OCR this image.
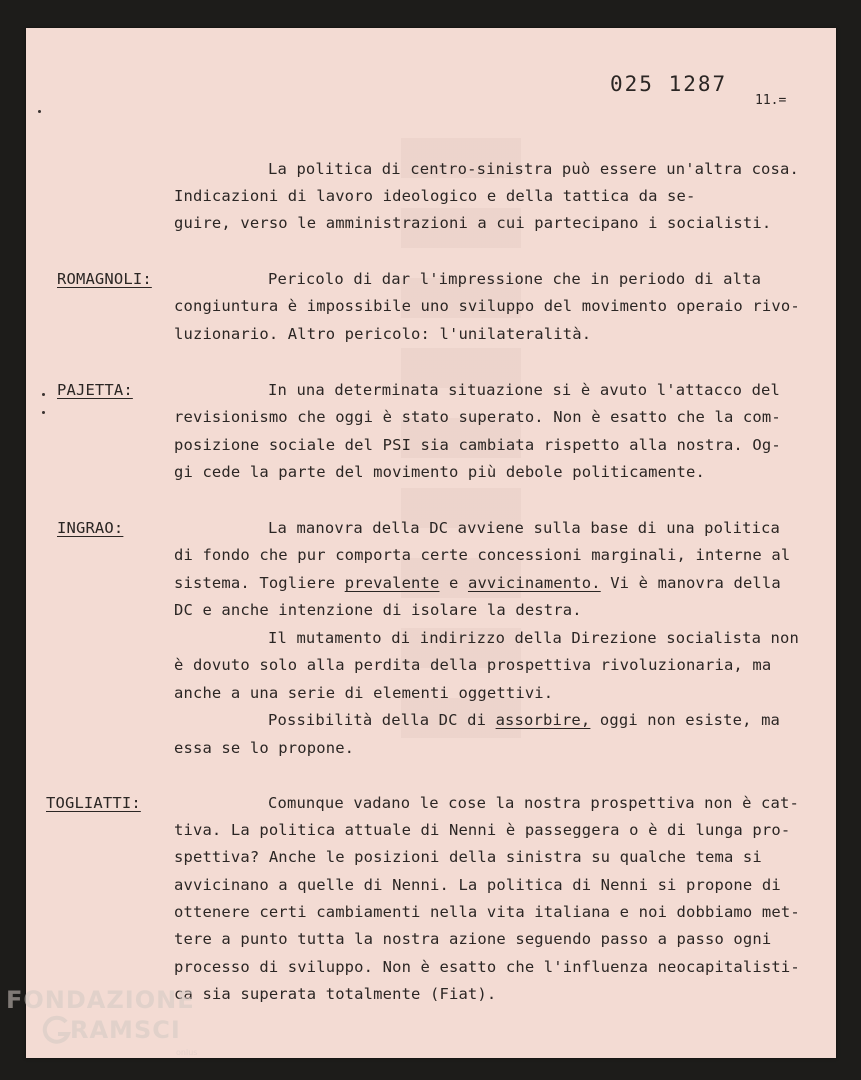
025 1287
11.=
La politica di centro-sinistra può essere un'altra cosa.
Indicazioni di lavoro ideologico e della tattica da se-
guire, verso le amministrazioni a cui partecipano i socialisti.
ROMAGNOLI:	Pericolo di dar l'impressione che in periodo di alta
congiuntura è impossibile uno sviluppo del movimento operaio rivo-
luzionario. Altro pericolo: l'unilateralità.
PAJETTA:	In una determinata situazione si è avuto l'attacco del
revisionismo che oggi è stato superato. Non è esatto che la com-
posizione sociale del PSI sia cambiata rispetto alla nostra. Og-
gi cede la parte del movimento più debole politicamente.
INGRAO:	La manovra della DC avviene sulla base di una politica
di fondo che pur comporta certe concessioni marginali, interne al
sistema. Togliere prevalente e avvicinamento. Vi è manovra della
DC e anche intenzione di isolare la destra.
Il mutamento di indirizzo della Direzione socialista non
è dovuto solo alla perdita della prospettiva rivoluzionaria, ma
anche a una serie di elementi oggettivi.
Possibilità della DC di assorbire, oggi non esiste, ma
essa se lo propone.
TOGLIATTI:	Comunque vadano le cose la nostra prospettiva non è cat-
tiva. La politica attuale di Nenni è passeggera o è di lunga pro-
spettiva? Anche le posizioni della sinistra su qualche tema si
avvicinano a quelle di Nenni. La politica di Nenni si propone di
ottenere certi cambiamenti nella vita italiana e noi dobbiamo met-
tere a punto tutta la nostra azione seguendo passo a passo ogni
processo di sviluppo. Non è esatto che l'influenza neocapitalisti-
ca sia superata totalmente (Fiat).
FONDAZIONE
RAMSCI
onlus
